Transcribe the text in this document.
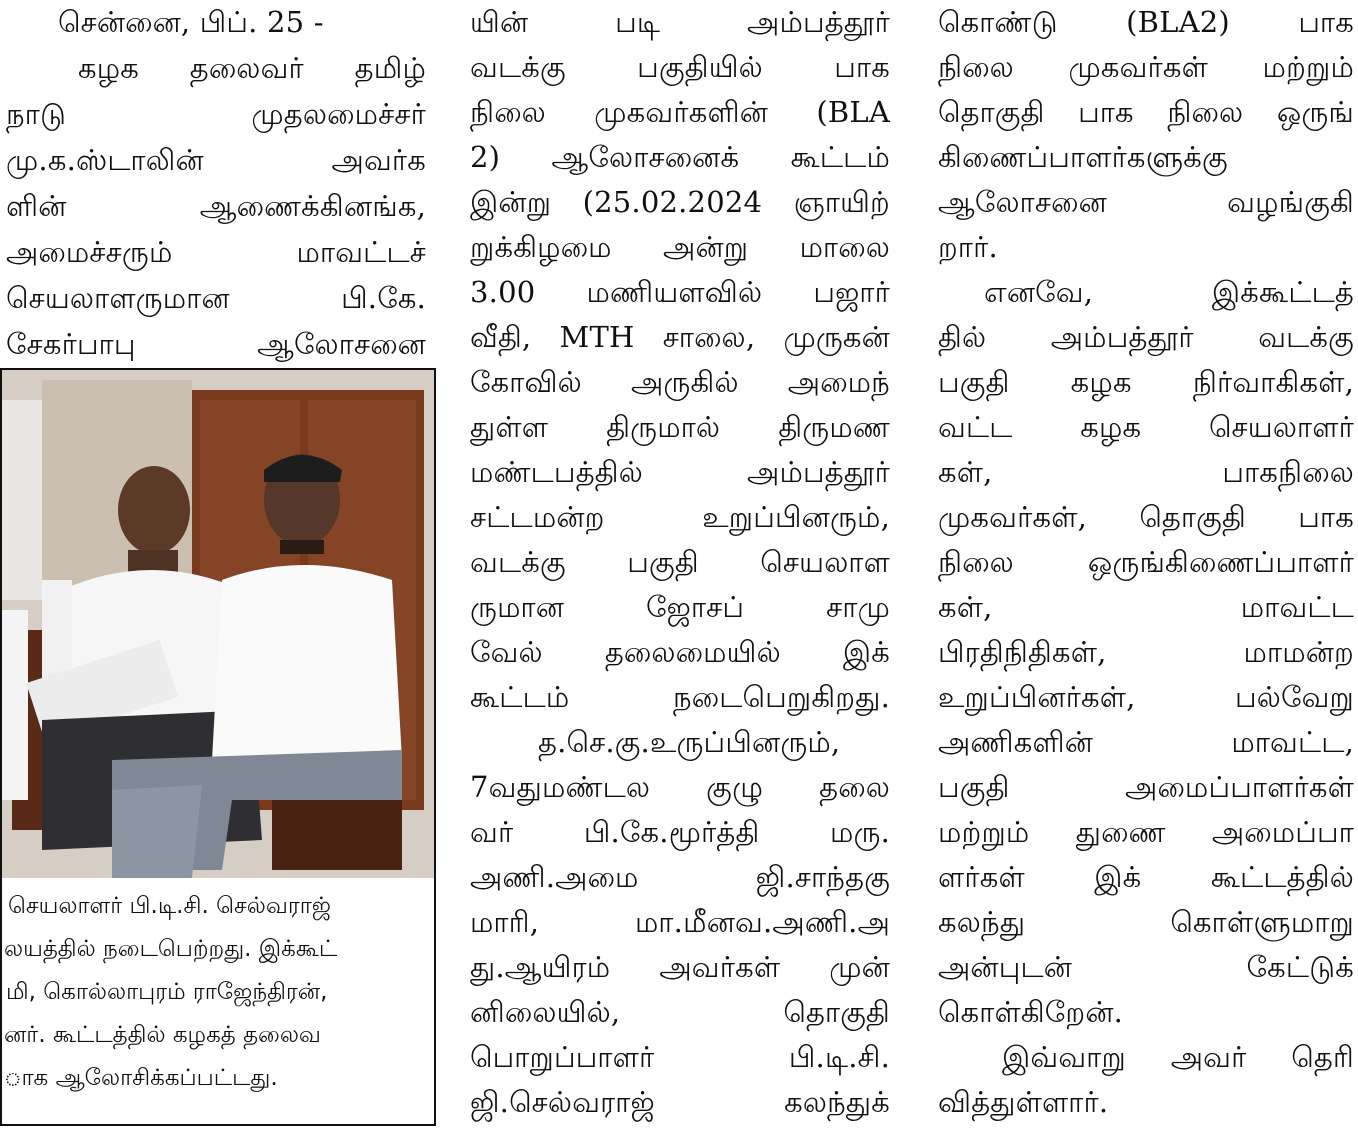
சென்னை, பிப். 25 -
கழக தலைவர் தமிழ்
நாடு முதலமைச்சர்
மு.க.ஸ்டாலின் அவர்க
ளின் ஆணைக்கினங்க,
அமைச்சரும் மாவட்டச்
செயலாளருமான பி.கே.
சேகர்பாபு ஆலோசனை
செயலாளர் பி.டி.சி. செல்வராஜ்
லயத்தில் நடைபெற்றது. இக்கூட்
மி, கொல்லாபுரம் ராஜேந்திரன்,
னர். கூட்டத்தில் கழகத் தலைவ
ாக ஆலோசிக்கப்பட்டது.
யின் படி அம்பத்தூர்
வடக்கு பகுதியில் பாக
நிலை முகவர்களின் (BLA
2) ஆலோசனைக் கூட்டம்
இன்று (25.02.2024 ஞாயிற்
றுக்கிழமை அன்று மாலை
3.00 மணியளவில் பஜார்
வீதி, MTH சாலை, முருகன்
கோவில் அருகில் அமைந்
துள்ள திருமால் திருமண
மண்டபத்தில் அம்பத்தூர்
சட்டமன்ற உறுப்பினரும்,
வடக்கு பகுதி செயலாள
ருமான ஜோசப் சாமு
வேல் தலைமையில் இக்
கூட்டம் நடைபெறுகிறது.
த.செ.கு.உருப்பினரும்,
7வதுமண்டல குழு தலை
வர் பி.கே.மூர்த்தி மரு.
அணி.அமை ஜி.சாந்தகு
மாரி, மா.மீனவ.அணி.அ
து.ஆயிரம் அவர்கள் முன்
னிலையில், தொகுதி
பொறுப்பாளர் பி.டி.சி.
ஜி.செல்வராஜ் கலந்துக்
கொண்டு (BLA2) பாக
நிலை முகவர்கள் மற்றும்
தொகுதி பாக நிலை ஒருங்
கிணைப்பாளர்களுக்கு
ஆலோசனை வழங்குகி
றார்.
எனவே, இக்கூட்டத்
தில் அம்பத்தூர் வடக்கு
பகுதி கழக நிர்வாகிகள்,
வட்ட கழக செயலாளர்
கள், பாகநிலை
முகவர்கள், தொகுதி பாக
நிலை ஒருங்கிணைப்பாளர்
கள், மாவட்ட
பிரதிநிதிகள், மாமன்ற
உறுப்பினர்கள், பல்வேறு
அணிகளின் மாவட்ட,
பகுதி அமைப்பாளர்கள்
மற்றும் துணை அமைப்பா
ளர்கள் இக் கூட்டத்தில்
கலந்து கொள்ளுமாறு
அன்புடன் கேட்டுக்
கொள்கிறேன்.
இவ்வாறு அவர் தெரி
வித்துள்ளார்.
